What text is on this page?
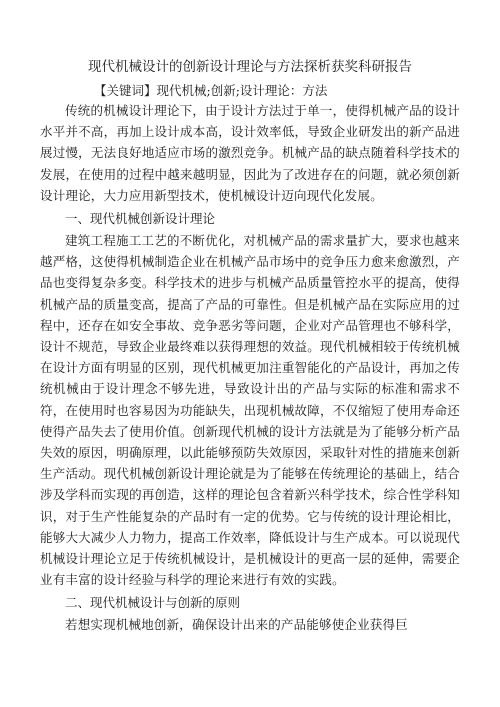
现代机械设计的创新设计理论与方法探析获奖科研报告
【关键词】现代机械;创新;设计理论：方法

传统的机械设计理论下，由于设计方法过于单一，使得机械产品的设计水平并不高，再加上设计成本高，设计效率低，导致企业研发出的新产品进展过慢，无法良好地适应市场的激烈竞争。机械产品的缺点随着科学技术的发展，在使用的过程中越来越明显，因此为了改进存在的问题，就必须创新设计理论，大力应用新型技术，使机械设计迈向现代化发展。

一、现代机械创新设计理论

建筑工程施工工艺的不断优化，对机械产品的需求量扩大，要求也越来越严格，这使得机械制造企业在机械产品市场中的竞争压力愈来愈激烈，产品也变得复杂多变。科学技术的进步与机械产品质量管控水平的提高，使得机械产品的质量变高，提高了产品的可靠性。但是机械产品在实际应用的过程中，还存在如安全事故、竞争恶劣等问题，企业对产品管理也不够科学，设计不规范，导致企业最终难以获得理想的效益。现代机械相较于传统机械在设计方面有明显的区别，现代机械更加注重智能化的产品设计，再加之传统机械由于设计理念不够先进，导致设计出的产品与实际的标准和需求不符，在使用时也容易因为功能缺失，出现机械故障，不仅缩短了使用寿命还使得产品失去了使用价值。创新现代机械的设计方法就是为了能够分析产品失效的原因，明确原理，以此能够预防失效原因，采取针对性的措施来创新生产活动。现代机械创新设计理论就是为了能够在传统理论的基础上，结合涉及学科而实现的再创造，这样的理论包含着新兴科学技术，综合性学科知识，对于生产性能复杂的产品时有一定的优势。它与传统的设计理论相比，能够大大减少人力物力，提高工作效率，降低设计与生产成本。可以说现代机械设计理论立足于传统机械设计，是机械设计的更高一层的延伸，需要企业有丰富的设计经验与科学的理论来进行有效的实践。

二、现代机械设计与创新的原则

若想实现机械地创新，确保设计出来的产品能够使企业获得巨
